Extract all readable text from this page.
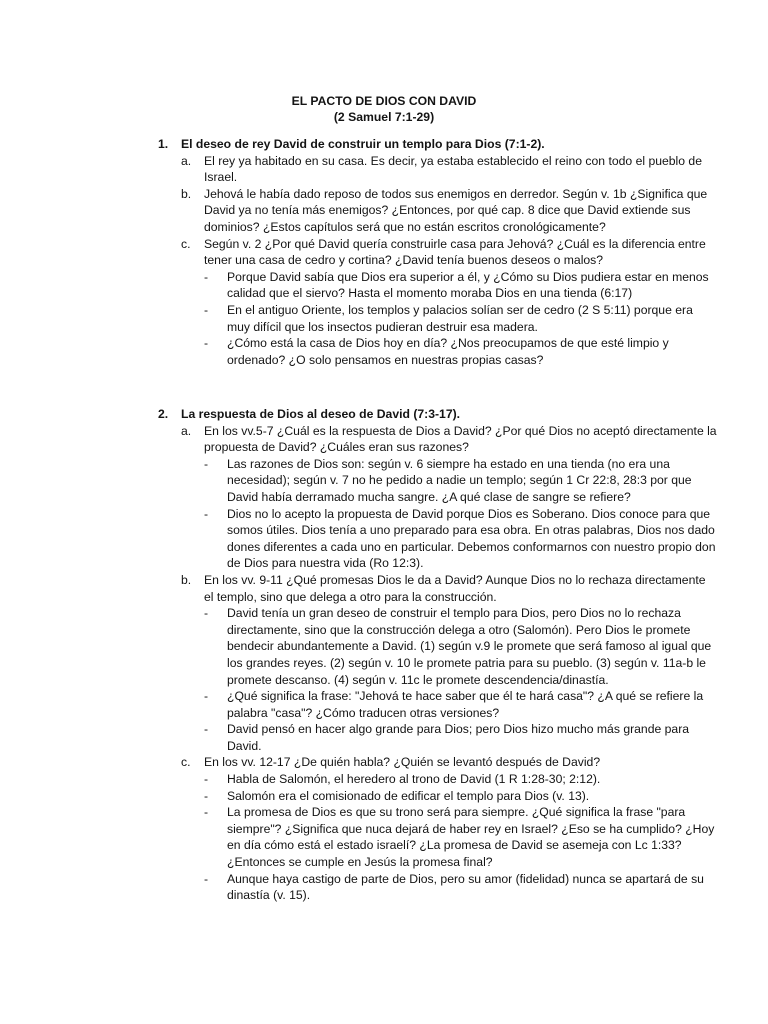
EL PACTO DE DIOS CON DAVID
(2 Samuel 7:1-29)
1. El deseo de rey David de construir un templo para Dios (7:1-2).
a. El rey ya habitado en su casa. Es decir, ya estaba establecido el reino con todo el pueblo de Israel.
b. Jehová le había dado reposo de todos sus enemigos en derredor. Según v. 1b ¿Significa que David ya no tenía más enemigos? ¿Entonces, por qué cap. 8 dice que David extiende sus dominios? ¿Estos capítulos será que no están escritos cronológicamente?
c. Según v. 2 ¿Por qué David quería construirle casa para Jehová? ¿Cuál es la diferencia entre tener una casa de cedro y cortina? ¿David tenía buenos deseos o malos?
- Porque David sabía que Dios era superior a él, y ¿Cómo su Dios pudiera estar en menos calidad que el siervo? Hasta el momento moraba Dios en una tienda (6:17)
- En el antiguo Oriente, los templos y palacios solían ser de cedro (2 S 5:11) porque era muy difícil que los insectos pudieran destruir esa madera.
- ¿Cómo está la casa de Dios hoy en día? ¿Nos preocupamos de que esté limpio y ordenado? ¿O solo pensamos en nuestras propias casas?
2. La respuesta de Dios al deseo de David (7:3-17).
a. En los vv.5-7 ¿Cuál es la respuesta de Dios a David? ¿Por qué Dios no aceptó directamente la propuesta de David? ¿Cuáles eran sus razones?
- Las razones de Dios son: según v. 6 siempre ha estado en una tienda (no era una necesidad); según v. 7 no he pedido a nadie un templo; según 1 Cr 22:8, 28:3 por que David había derramado mucha sangre. ¿A qué clase de sangre se refiere?
- Dios no lo acepto la propuesta de David porque Dios es Soberano. Dios conoce para que somos útiles. Dios tenía a uno preparado para esa obra. En otras palabras, Dios nos dado dones diferentes a cada uno en particular. Debemos conformarnos con nuestro propio don de Dios para nuestra vida (Ro 12:3).
b. En los vv. 9-11 ¿Qué promesas Dios le da a David? Aunque Dios no lo rechaza directamente el templo, sino que delega a otro para la construcción.
- David tenía un gran deseo de construir el templo para Dios, pero Dios no lo rechaza directamente, sino que la construcción delega a otro (Salomón). Pero Dios le promete bendecir abundantemente a David. (1) según v.9 le promete que será famoso al igual que los grandes reyes. (2) según v. 10 le promete patria para su pueblo. (3) según v. 11a-b le promete descanso. (4) según v. 11c le promete descendencia/dinastía.
- ¿Qué significa la frase: "Jehová te hace saber que él te hará casa"? ¿A qué se refiere la palabra "casa"? ¿Cómo traducen otras versiones?
- David pensó en hacer algo grande para Dios; pero Dios hizo mucho más grande para David.
c. En los vv. 12-17 ¿De quién habla? ¿Quién se levantó después de David?
- Habla de Salomón, el heredero al trono de David (1 R 1:28-30; 2:12).
- Salomón era el comisionado de edificar el templo para Dios (v. 13).
- La promesa de Dios es que su trono será para siempre. ¿Qué significa la frase "para siempre"? ¿Significa que nuca dejará de haber rey en Israel? ¿Eso se ha cumplido? ¿Hoy en día cómo está el estado israelí? ¿La promesa de David se asemeja con Lc 1:33? ¿Entonces se cumple en Jesús la promesa final?
- Aunque haya castigo de parte de Dios, pero su amor (fidelidad) nunca se apartará de su dinastía (v. 15).
